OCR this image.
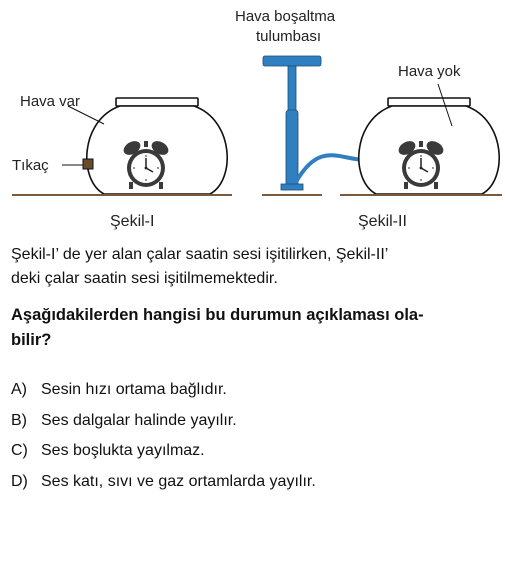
Hava boşaltma
tulumbası
Hava var
Hava yok
Tıkaç
Şekil-I	Şekil-II
Şekil-I’ de yer alan çalar saatin sesi işitilirken, Şekil-II’
deki çalar saatin sesi işitilmemektedir.
Aşağıdakilerden hangisi bu durumun açıklaması ola-
bilir?
A) Sesin hızı ortama bağlıdır.
B) Ses dalgalar halinde yayılır.
C) Ses boşlukta yayılmaz.
D) Ses katı, sıvı ve gaz ortamlarda yayılır.
